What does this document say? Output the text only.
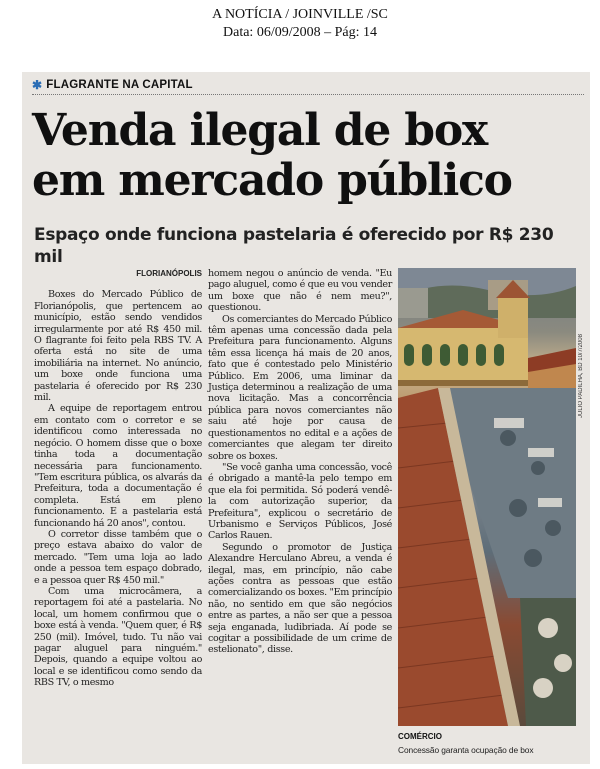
A NOTÍCIA / JOINVILLE /SC
Data: 06/09/2008 – Pág: 14
✱ FLAGRANTE NA CAPITAL
Venda ilegal de box
em mercado público
Espaço onde funciona pastelaria é oferecido por R$ 230 mil

FLORIANÓPOLIS

Boxes do Mercado Público de Florianópolis, que pertencem ao município, estão sendo vendidos irregularmente por até R$ 450 mil. O flagrante foi feito pela RBS TV. A oferta está no site de uma imobiliária na internet. No anúncio, um boxe onde funciona uma pastelaria é oferecido por R$ 230 mil.

A equipe de reportagem entrou em contato com o corretor e se identificou como interessada no negócio. O homem disse que o boxe tinha toda a documentação necessária para funcionamento. "Tem escritura pública, os alvarás da Prefeitura, toda a documentação é completa. Está em pleno funcionamento. E a pastelaria está funcionando há 20 anos", contou.

O corretor disse também que o preço estava abaixo do valor de mercado. "Tem uma loja ao lado onde a pessoa tem espaço dobrado, e a pessoa quer R$ 450 mil."

Com uma microcâmera, a reportagem foi até a pastelaria. No local, um homem confirmou que o boxe está à venda. "Quem quer, é R$ 250 (mil). Imóvel, tudo. Tu não vai pagar aluguel para ninguém." Depois, quando a equipe voltou ao local e se identificou como sendo da RBS TV, o mesmo

homem negou o anúncio de venda. "Eu pago aluguel, como é que eu vou vender um boxe que não é nem meu?", questionou.

Os comerciantes do Mercado Público têm apenas uma concessão dada pela Prefeitura para funcionamento. Alguns têm essa licença há mais de 20 anos, fato que é contestado pelo Ministério Público. Em 2006, uma liminar da Justiça determinou a realização de uma nova licitação. Mas a concorrência pública para novos comerciantes não saiu até hoje por causa de questionamentos no edital e a ações de comerciantes que alegam ter direito sobre os boxes.

"Se você ganha uma concessão, você é obrigado a mantê-la pelo tempo em que ela foi permitida. Só poderá vendê-la com autorização superior, da Prefeitura", explicou o secretário de Urbanismo e Serviços Públicos, José Carlos Rauen.

Segundo o promotor de Justiça Alexandre Herculano Abreu, a venda é ilegal, mas, em princípio, não cabe ações contra as pessoas que estão comercializando os boxes. "Em princípio não, no sentido em que são negócios entre as partes, a não ser que a pessoa seja enganada, ludibriada. Aí pode se cogitar a possibilidade de um crime de estelionato", disse.

JULIO PADILHA, BD 10/7/2008
COMÉRCIO
Concessão garanta ocupação de box
